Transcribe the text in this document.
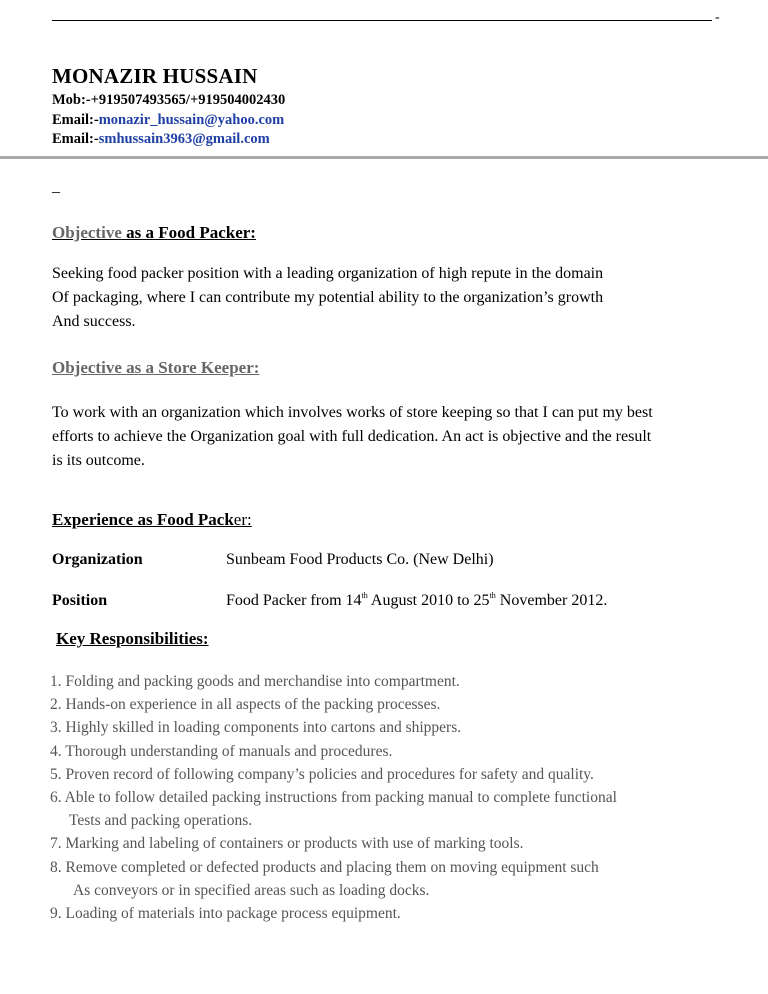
-
MONAZIR HUSSAIN
Mob:-+919507493565/+919504002430
Email:-monazir_hussain@yahoo.com
Email:-smhussain3963@gmail.com
_
Objective as a Food Packer:
Seeking food packer position with a leading organization of high repute in the domain
Of packaging, where I can contribute my potential ability to the organization’s growth
And success.
Objective as a Store Keeper:
To work with an organization which involves works of store keeping so that I can put my best
efforts to achieve the Organization goal with full dedication. An act is objective and the result
is its outcome.
Experience as Food Packer:
Organization	Sunbeam Food Products Co. (New Delhi)
Position	Food Packer from 14th August 2010 to 25th November 2012.
Key Responsibilities:
1. Folding and packing goods and merchandise into compartment.
2. Hands-on experience in all aspects of the packing processes.
3. Highly skilled in loading components into cartons and shippers.
4. Thorough understanding of manuals and procedures.
5. Proven record of following company’s policies and procedures for safety and quality.
6. Able to follow detailed packing instructions from packing manual to complete functional
Tests and packing operations.
7. Marking and labeling of containers or products with use of marking tools.
8. Remove completed or defected products and placing them on moving equipment such
As conveyors or in specified areas such as loading docks.
9. Loading of materials into package process equipment.
